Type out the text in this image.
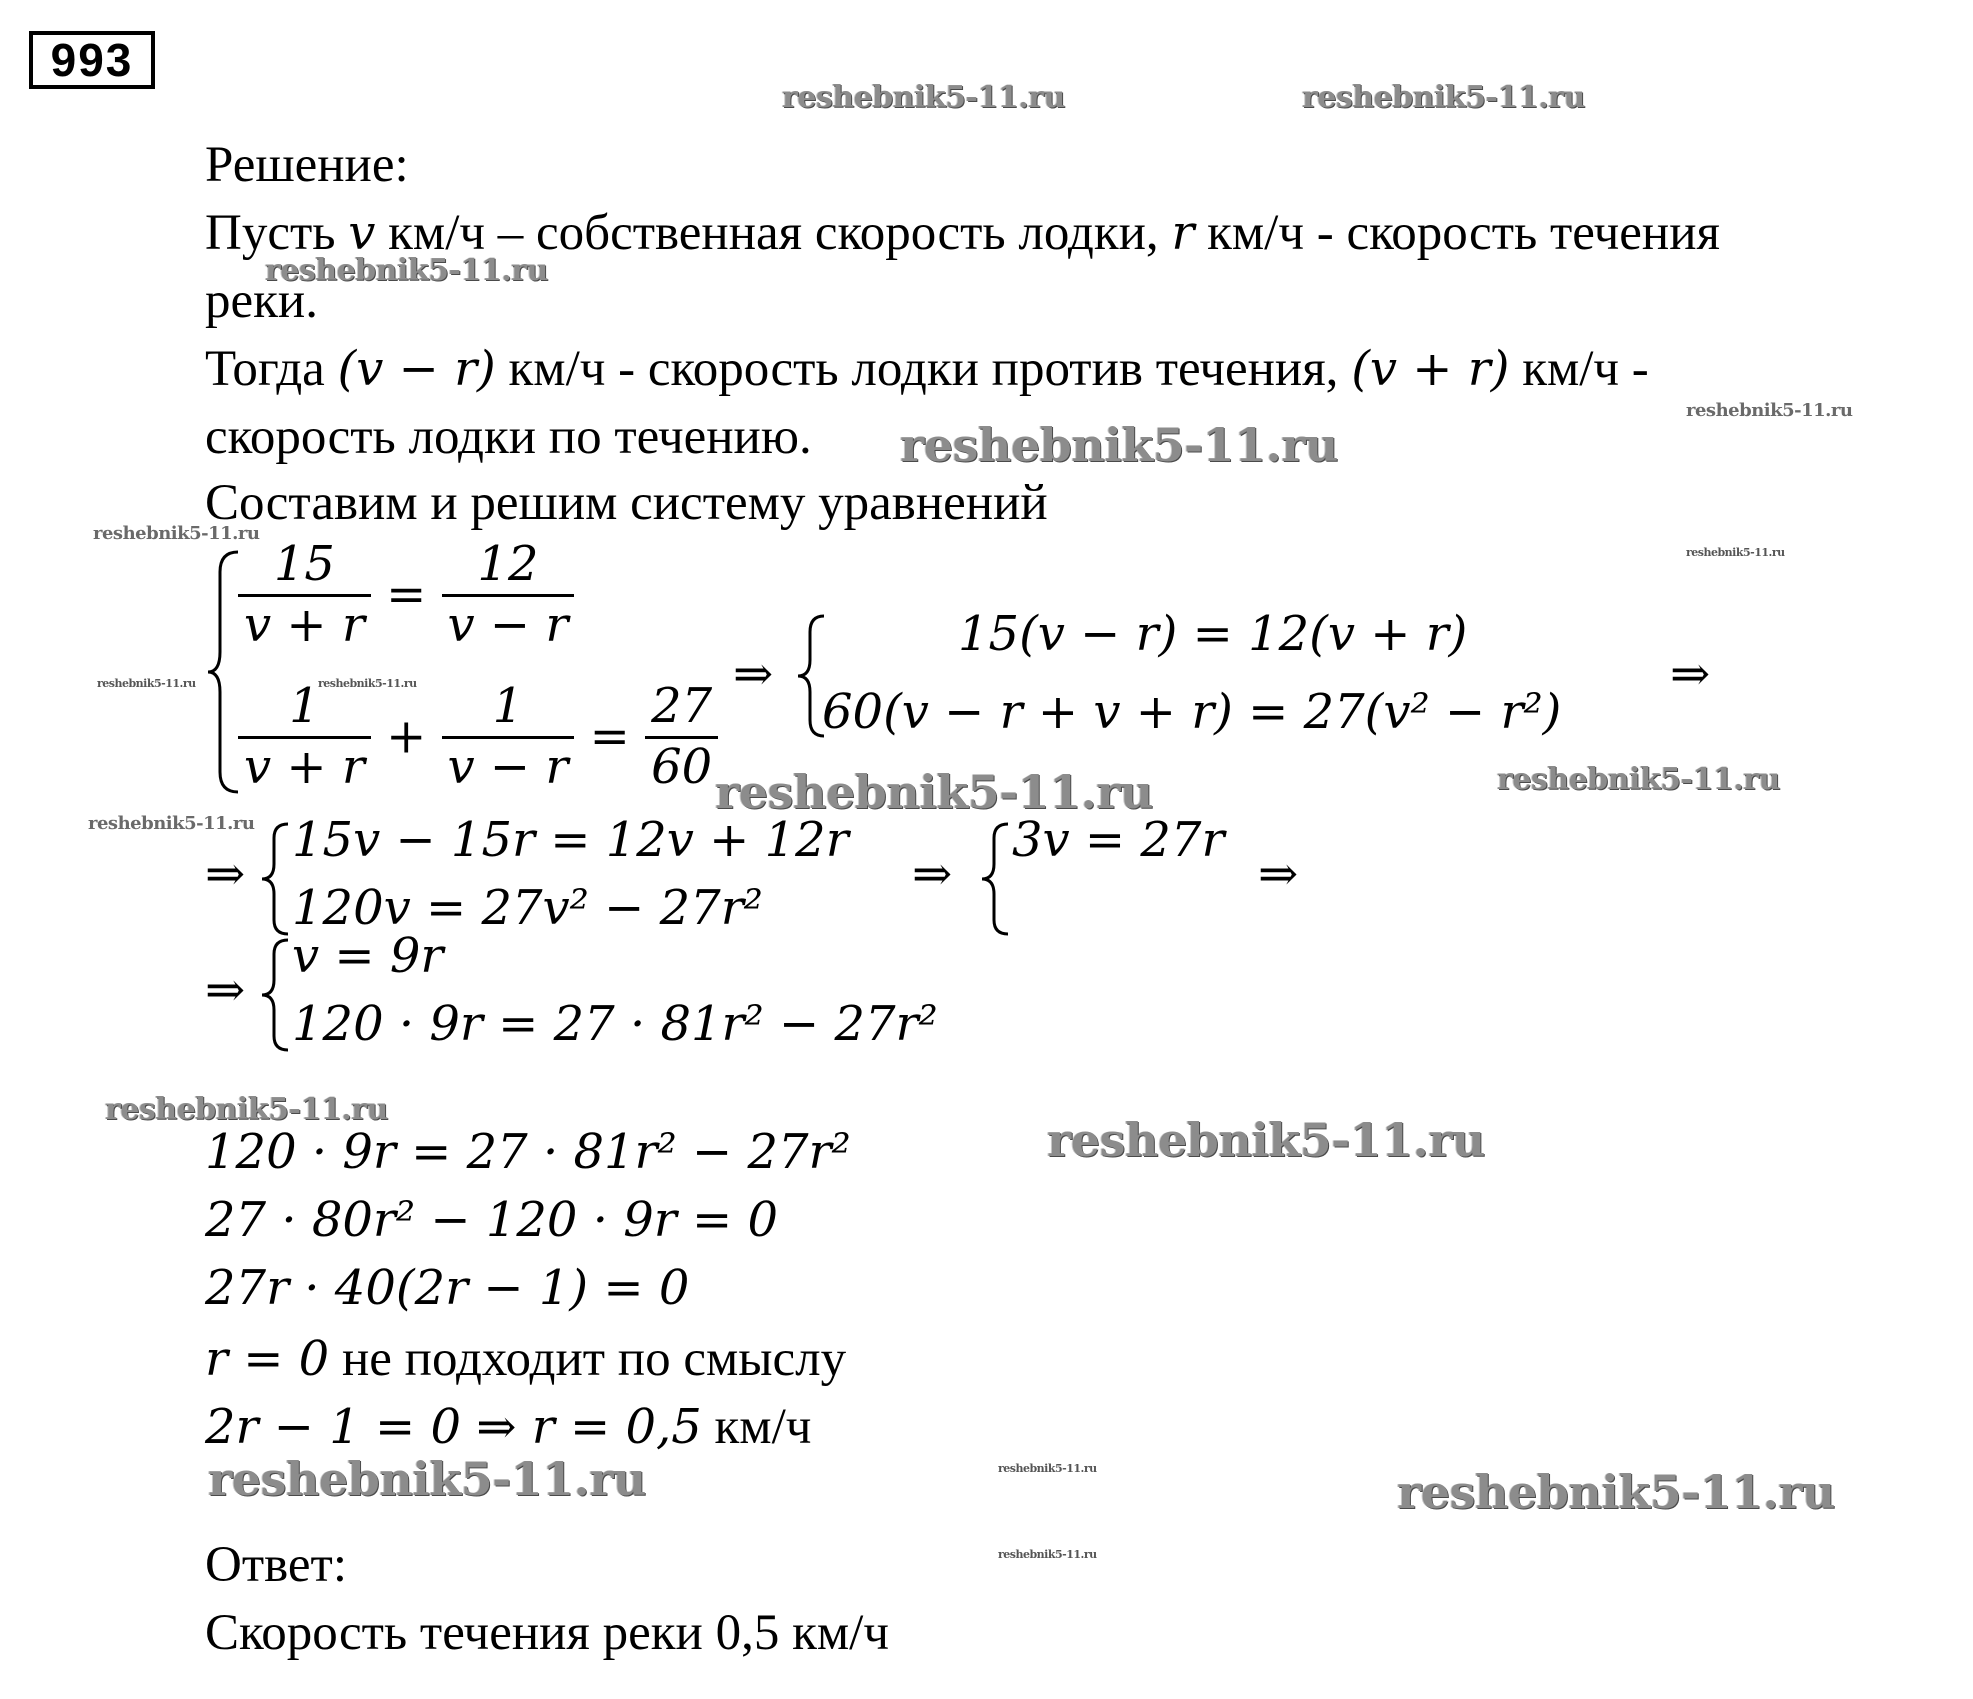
993
reshebnik5-11.ru	reshebnik5-11.ru
reshebnik5-11.ru
reshebnik5-11.ru
reshebnik5-11.ru
reshebnik5-11.ru
reshebnik5-11.ru
reshebnik5-11.ru	reshebnik5-11.ru
reshebnik5-11.ru	reshebnik5-11.ru
reshebnik5-11.ru
reshebnik5-11.ru
reshebnik5-11.ru
reshebnik5-11.ru	reshebnik5-11.ru	reshebnik5-11.ru
reshebnik5-11.ru
Решение:
Пусть v км/ч – собственная скорость лодки, r км/ч - скорость течения
реки.
Тогда (v − r) км/ч - скорость лодки против течения, (v + r) км/ч -
скорость лодки по течению.
Составим и решим систему уравнений
$\frac{15}{v + r} = \frac{12}{v - r}$
$\frac{1}{v + r} + \frac{1}{v - r} = \frac{27}{60}$
⇒
15(v − r) = 12(v + r)
60(v − r + v + r) = 27(v² − r²)
⇒
⇒
15v − 15r = 12v + 12r
120v = 27v² − 27r²
⇒
3v = 27r
⇒
⇒
v = 9r
120 · 9r = 27 · 81r² − 27r²
120 · 9r = 27 · 81r² − 27r²
27 · 80r² − 120 · 9r = 0
27r · 40(2r − 1) = 0
r = 0 не подходит по смыслу
2r − 1 = 0 ⇒ r = 0,5 км/ч
Ответ:
Скорость течения реки 0,5 км/ч
